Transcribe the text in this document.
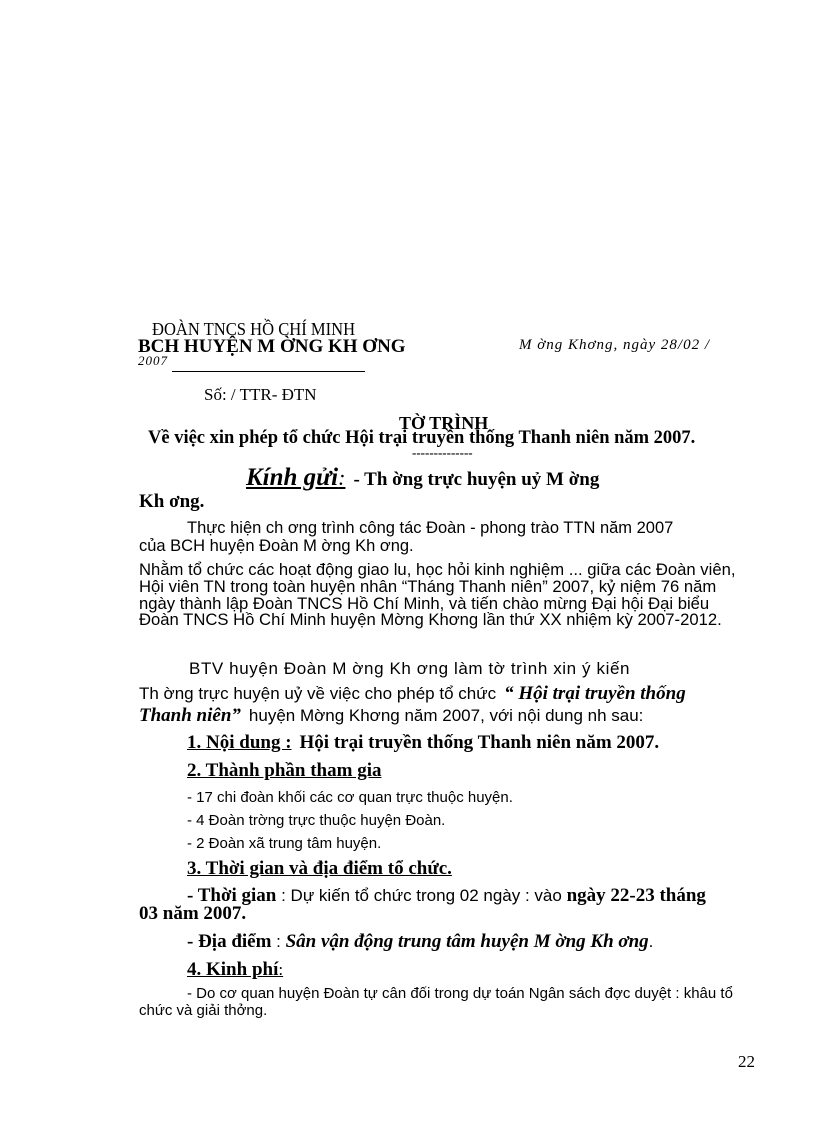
ĐOÀN TNCS HỒ CHÍ MINH
BCH HUYỆN M ỜNG KH ƠNG	M ờng Khơng, ngày 28/02 /
2007
Số: / TTR- ĐTN
TỜ TRÌNH
Về việc xin phép tổ chức Hội trại truyền thống Thanh niên năm 2007.
--------------
Kính gửi: - Th ờng trực huyện uỷ M ờng
Kh ơng.
Thực hiện ch ơng trình công tác Đoàn - phong trào TTN năm 2007
của BCH huyện Đoàn M ờng Kh ơng.
Nhằm tổ chức các hoạt động giao lu, học hỏi kinh nghiệm ... giữa các Đoàn viên, Hội viên TN trong toàn huyện nhân “Tháng Thanh niên” 2007, kỷ niệm 76 năm ngày thành lập Đoàn TNCS Hồ Chí Minh, và tiến chào mừng Đại hội Đại biểu Đoàn TNCS Hồ Chí Minh huyện Mờng Khơng lần thứ XX nhiệm kỳ 2007-2012.
BTV huyện Đoàn M ờng Kh ơng làm tờ trình xin ý kiến
Th ờng trực huyện uỷ về việc cho phép tổ chức “ Hội trại truyền thống
Thanh niên” huyện Mờng Khơng năm 2007, với nội dung nh sau:
1. Nội dung : Hội trại truyền thống Thanh niên năm 2007.
2. Thành phần tham gia
- 17 chi đoàn khối các cơ quan trực thuộc huyện.
- 4 Đoàn trờng trực thuộc huyện Đoàn.
- 2 Đoàn xã trung tâm huyện.
3. Thời gian và địa điểm tổ chức.
- Thời gian : Dự kiến tổ chức trong 02 ngày : vào ngày 22-23 tháng
03 năm 2007.
- Địa điểm : Sân vận động trung tâm huyện M ờng Kh ơng.
4. Kinh phí:
- Do cơ quan huyện Đoàn tự cân đối trong dự toán Ngân sách đợc duyệt : khâu tổ chức và giải thởng.
22
